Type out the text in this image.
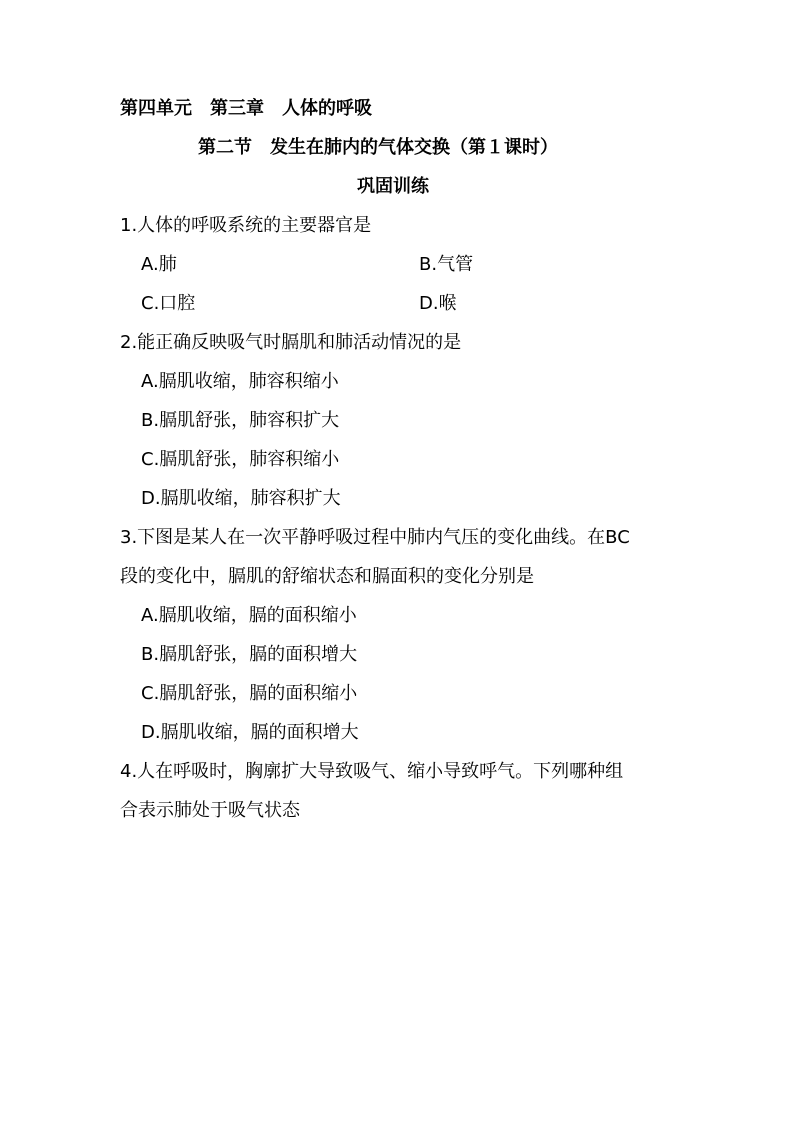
第四单元　第三章　人体的呼吸
第二节　发生在肺内的气体交换（第１课时）
巩固训练
1.人体的呼吸系统的主要器官是
A.肺	B.气管
C.口腔	D.喉
2.能正确反映吸气时膈肌和肺活动情况的是
A.膈肌收缩，肺容积缩小
B.膈肌舒张，肺容积扩大
C.膈肌舒张，肺容积缩小
D.膈肌收缩，肺容积扩大
3.下图是某人在一次平静呼吸过程中肺内气压的变化曲线。在BC
段的变化中，膈肌的舒缩状态和膈面积的变化分别是
A.膈肌收缩，膈的面积缩小
B.膈肌舒张，膈的面积增大
C.膈肌舒张，膈的面积缩小
D.膈肌收缩，膈的面积增大
4.人在呼吸时，胸廓扩大导致吸气、缩小导致呼气。下列哪种组
合表示肺处于吸气状态
